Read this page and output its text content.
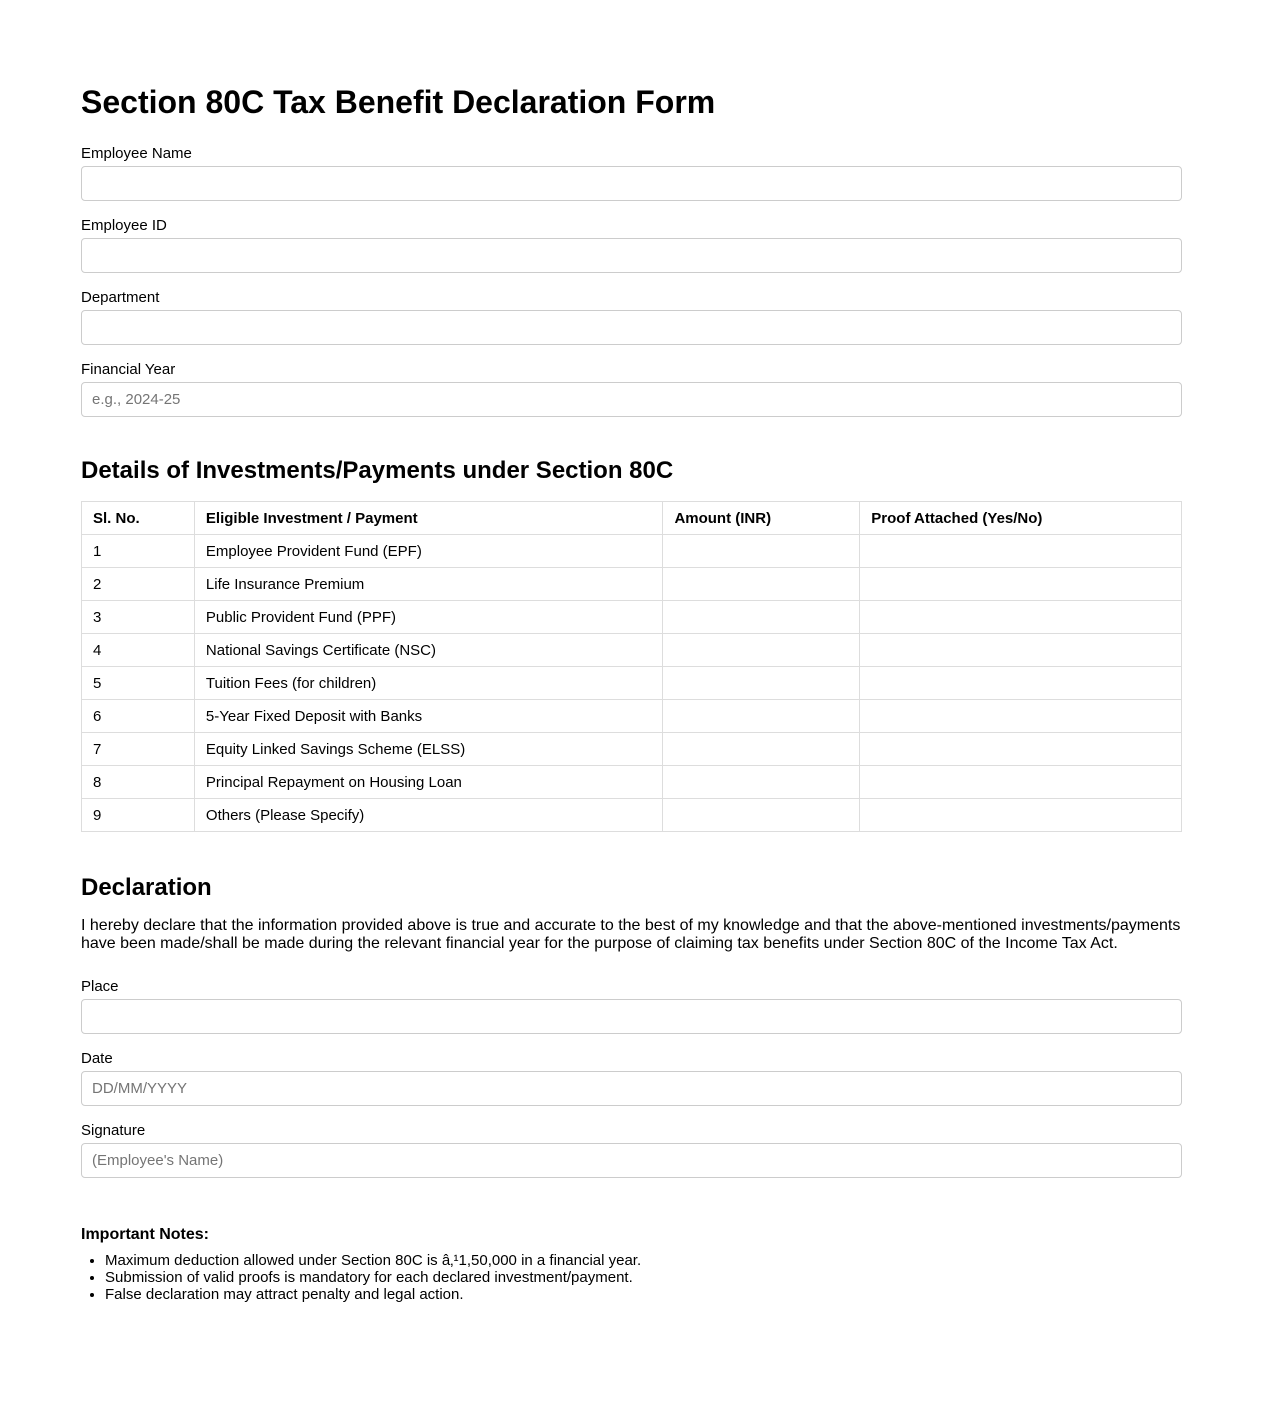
Section 80C Tax Benefit Declaration Form
Employee Name
Employee ID
Department
Financial Year
e.g., 2024-25
Details of Investments/Payments under Section 80C
Sl. No.	Eligible Investment / Payment	Amount (INR)	Proof Attached (Yes/No)
1	Employee Provident Fund (EPF)		
2	Life Insurance Premium		
3	Public Provident Fund (PPF)		
4	National Savings Certificate (NSC)		
5	Tuition Fees (for children)		
6	5-Year Fixed Deposit with Banks		
7	Equity Linked Savings Scheme (ELSS)		
8	Principal Repayment on Housing Loan		
9	Others (Please Specify)		
Declaration

I hereby declare that the information provided above is true and accurate to the best of my knowledge and that the above-mentioned investments/payments have been made/shall be made during the relevant financial year for the purpose of claiming tax benefits under Section 80C of the Income Tax Act.

Place
Date
DD/MM/YYYY
Signature
(Employee's Name)
Important Notes:
• Maximum deduction allowed under Section 80C is â‚¹1,50,000 in a financial year.
• Submission of valid proofs is mandatory for each declared investment/payment.
• False declaration may attract penalty and legal action.
